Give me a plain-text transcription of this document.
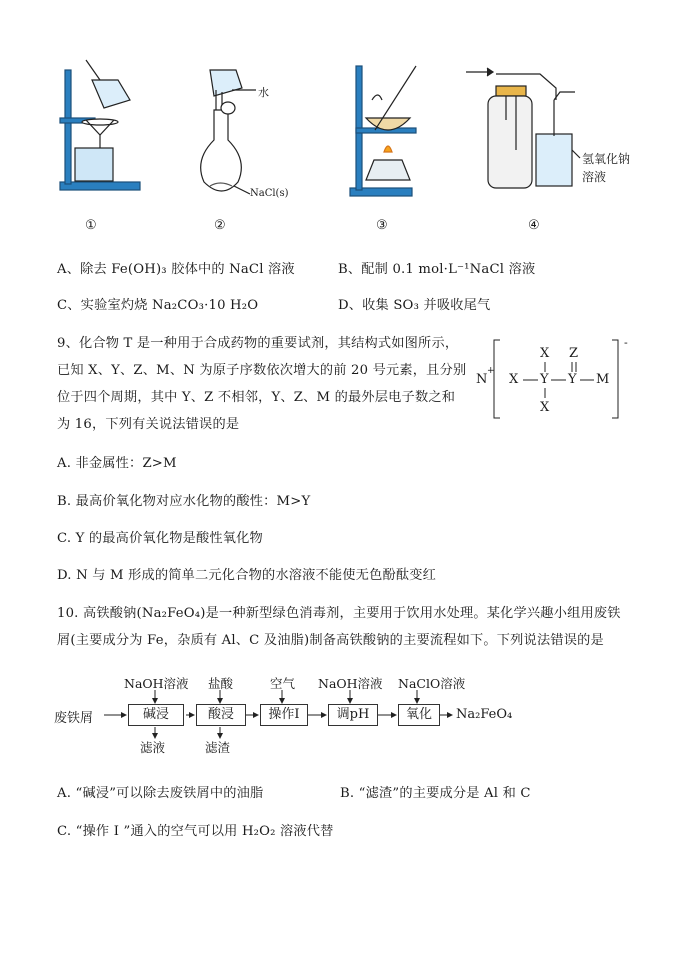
水
NaCl(s)
氢氧化钠
溶液
①	②	③	④
A、除去 Fe(OH)₃ 胶体中的 NaCl 溶液	B、配制 0.1 mol·L⁻¹NaCl 溶液
C、实验室灼烧 Na₂CO₃·10 H₂O	D、收集 SO₃ 并吸收尾气
9、化合物 T 是一种用于合成药物的重要试剂，其结构式如图所示，
已知 X、Y、Z、M、N 为原子序数依次增大的前 20 号元素，且分别
位于四个周期，其中 Y、Z 不相邻，Y、Z、M 的最外层电子数之和
为 16，下列有关说法错误的是
N
+
-
X Y Y M
X
X
Z
A. 非金属性：Z>M
B. 最高价氧化物对应水化物的酸性：M>Y
C. Y 的最高价氧化物是酸性氧化物
D. N 与 M 形成的简单二元化合物的水溶液不能使无色酚酞变红
10. 高铁酸钠(Na₂FeO₄)是一种新型绿色消毒剂，主要用于饮用水处理。某化学兴趣小组用废铁
屑(主要成分为 Fe，杂质有 Al、C 及油脂)制备高铁酸钠的主要流程如下。下列说法错误的是
废铁屑	碱浸	酸浸	操作I	调pH	氧化	Na₂FeO₄
NaOH溶液 盐酸	空气 NaOH溶液 NaClO溶液
滤液	滤渣
A. “碱浸”可以除去废铁屑中的油脂	B. “滤渣”的主要成分是 Al 和 C
C. “操作 I ”通入的空气可以用 H₂O₂ 溶液代替
